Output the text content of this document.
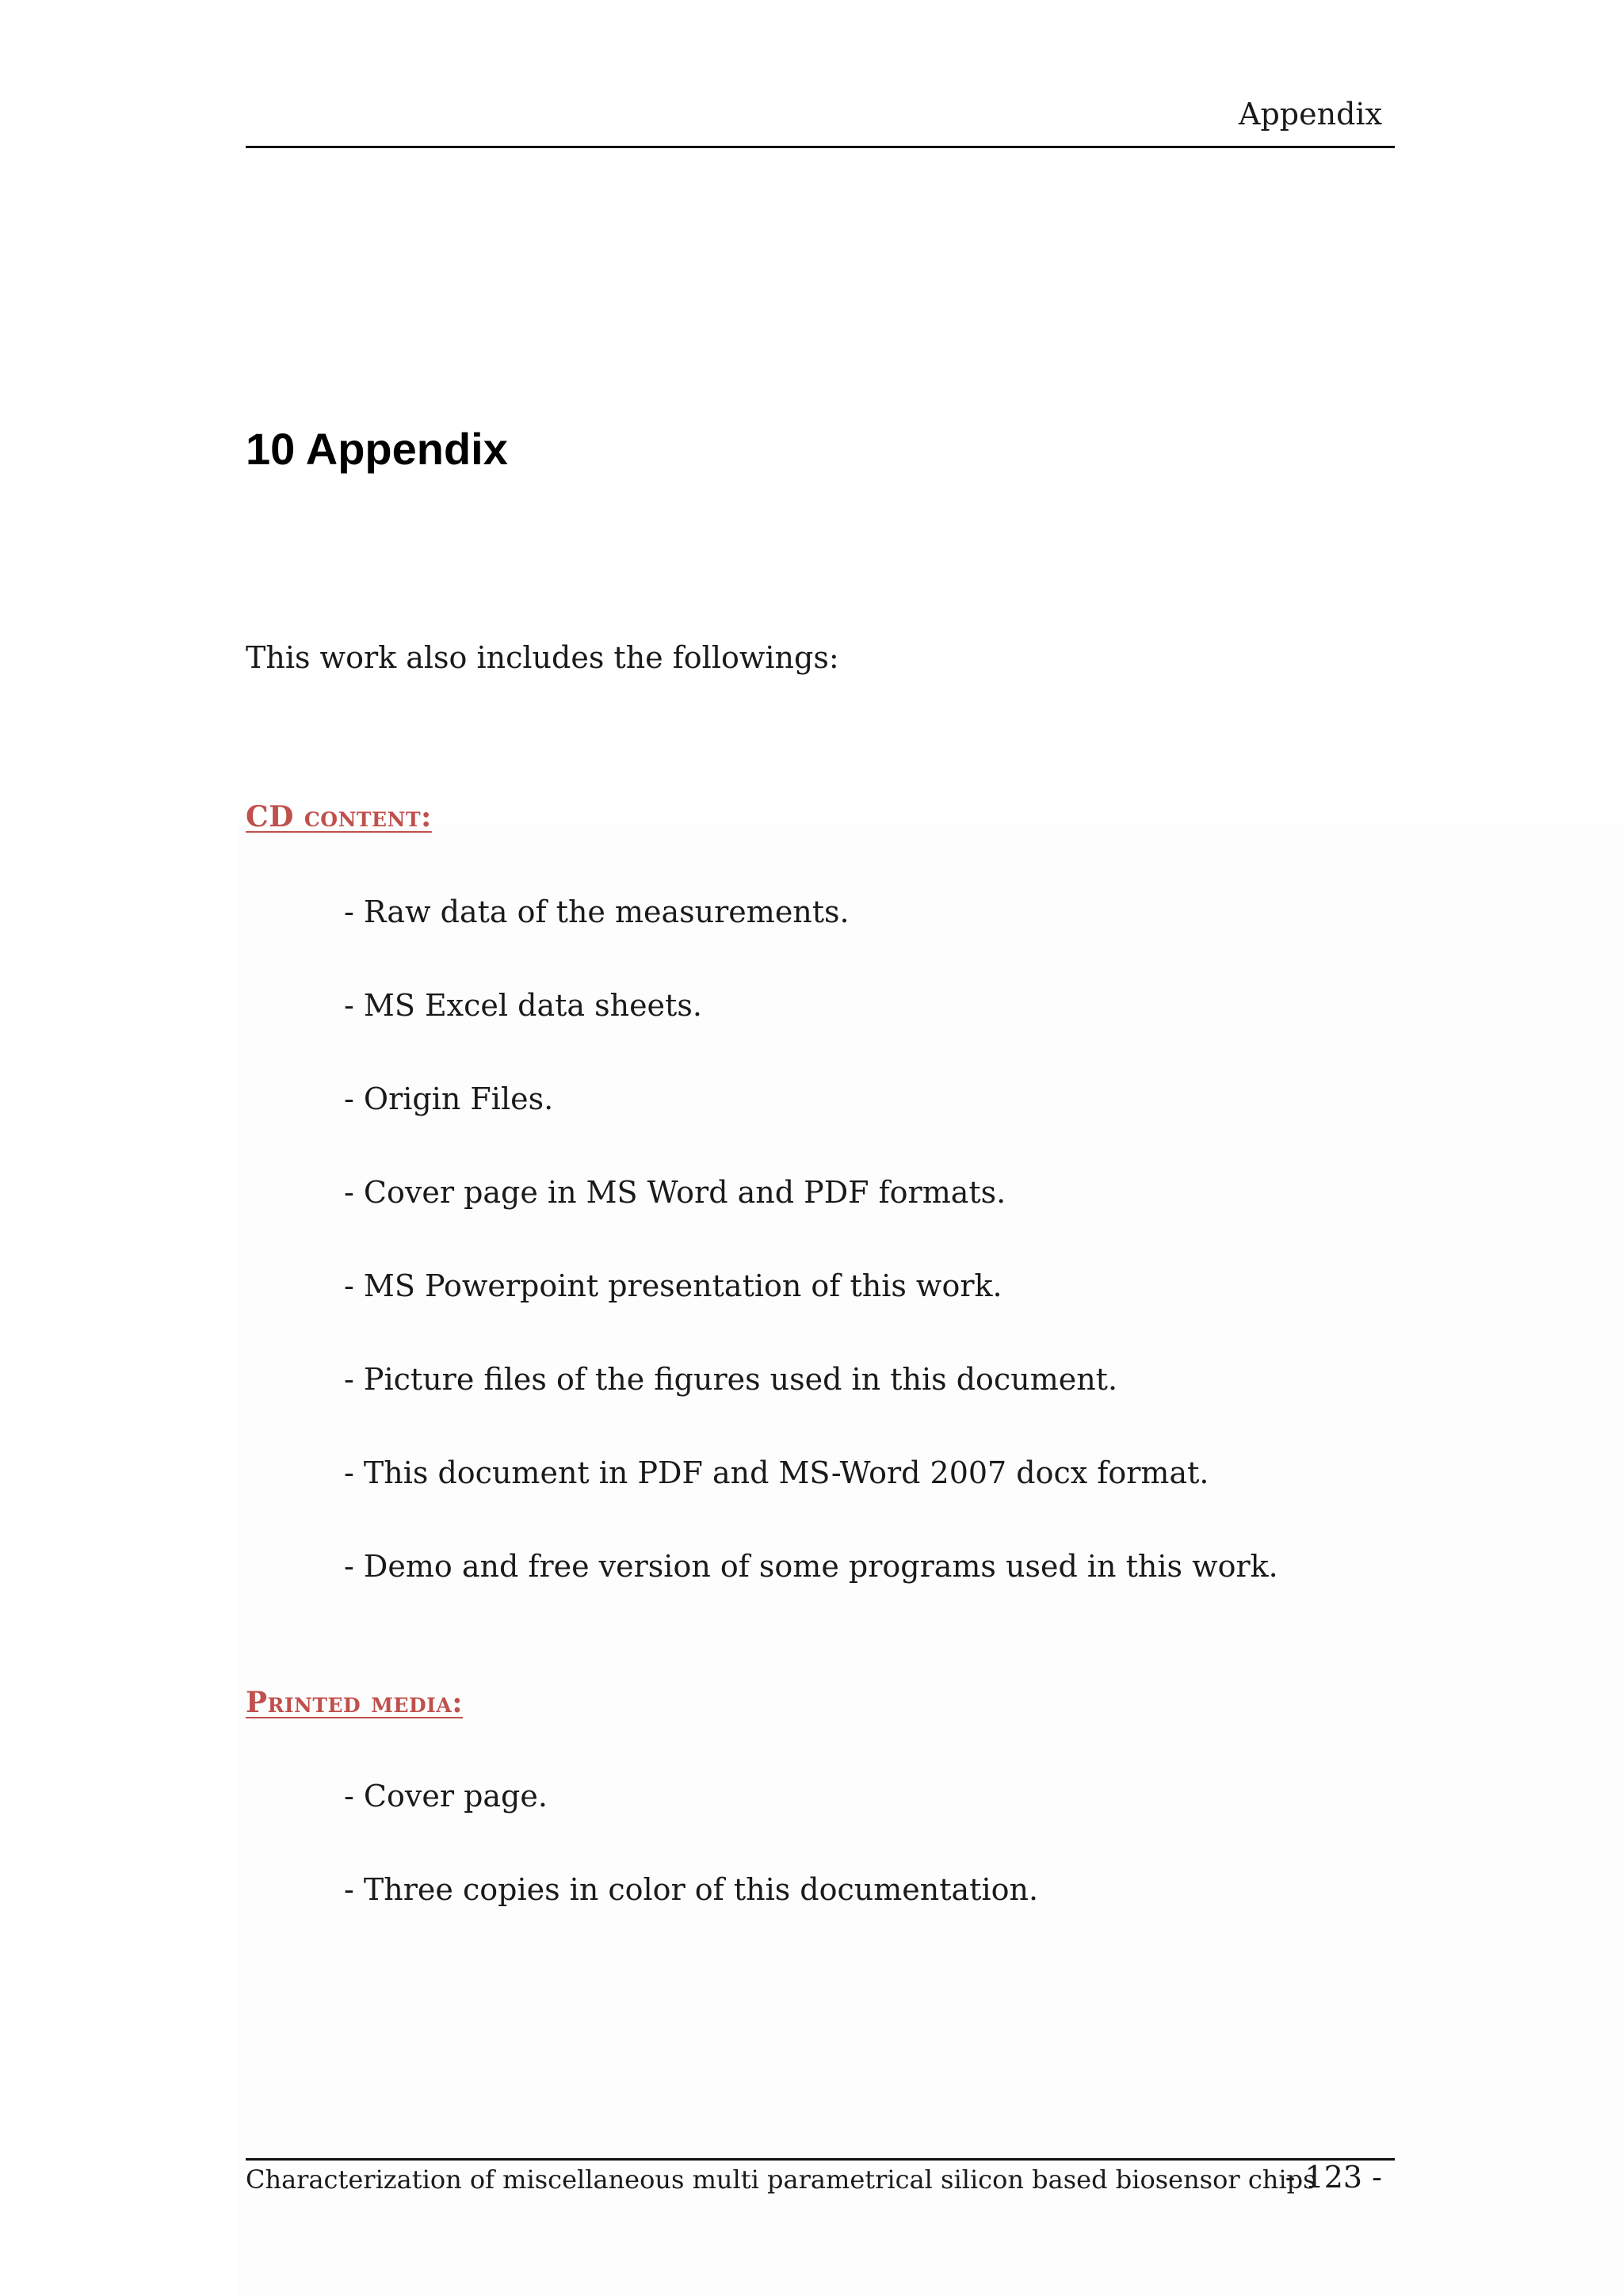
Appendix
10 Appendix
This work also includes the followings:
CD content:
- Raw data of the measurements.
- MS Excel data sheets.
- Origin Files.
- Cover page in MS Word and PDF formats.
- MS Powerpoint presentation of this work.
- Picture files of the figures used in this document.
- This document in PDF and MS-Word 2007 docx format.
- Demo and free version of some programs used in this work.
Printed media:
- Cover page.
- Three copies in color of this documentation.
Characterization of miscellaneous multi parametrical silicon based biosensor chips
- 123 -
